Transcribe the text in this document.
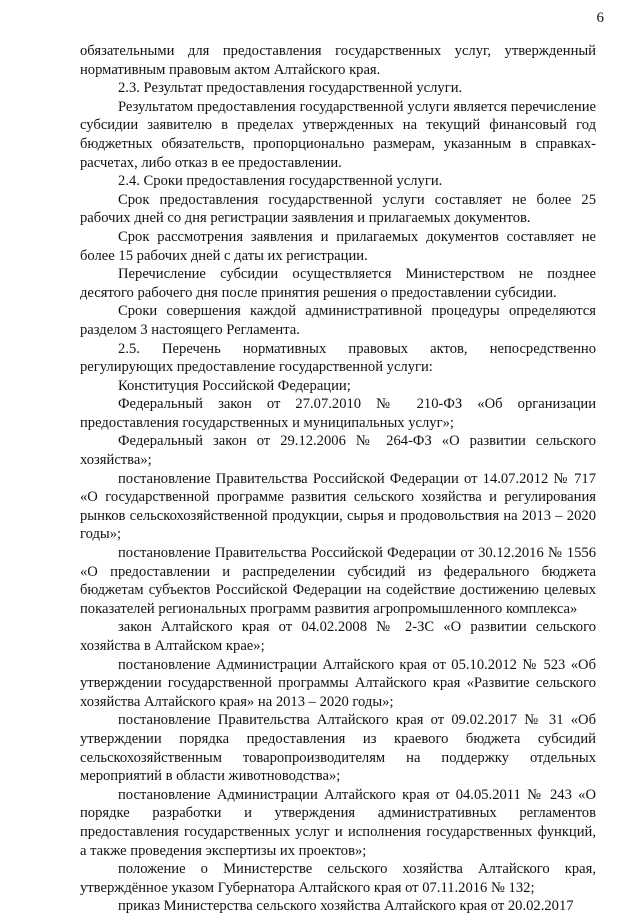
6

обязательными для предоставления государственных услуг, утвержденный нормативным правовым актом Алтайского края.

2.3. Результат предоставления государственной услуги.

Результатом предоставления государственной услуги является перечисление субсидии заявителю в пределах утвержденных на текущий финансовый год бюджетных обязательств, пропорционально размерам, указанным в справках-расчетах, либо отказ в ее предоставлении.

2.4. Сроки предоставления государственной услуги.

Срок предоставления государственной услуги составляет не более 25 рабочих дней со дня регистрации заявления и прилагаемых документов.

Срок рассмотрения заявления и прилагаемых документов составляет не более 15 рабочих дней с даты их регистрации.

Перечисление субсидии осуществляется Министерством не позднее десятого рабочего дня после принятия решения о предоставлении субсидии.

Сроки совершения каждой административной процедуры определяются разделом 3 настоящего Регламента.

2.5. Перечень нормативных правовых актов, непосредственно регулирующих предоставление государственной услуги:

Конституция Российской Федерации;

Федеральный закон от 27.07.2010 № 210-ФЗ «Об организации предоставления государственных и муниципальных услуг»;

Федеральный закон от 29.12.2006 № 264-ФЗ «О развитии сельского хозяйства»;

постановление Правительства Российской Федерации от 14.07.2012 № 717 «О государственной программе развития сельского хозяйства и регулирования рынков сельскохозяйственной продукции, сырья и продовольствия на 2013 – 2020 годы»;

постановление Правительства Российской Федерации от 30.12.2016 № 1556 «О предоставлении и распределении субсидий из федерального бюджета бюджетам субъектов Российской Федерации на содействие достижению целевых показателей региональных программ развития агропромышленного комплекса»

закон Алтайского края от 04.02.2008 № 2-ЗС «О развитии сельского хозяйства в Алтайском крае»;

постановление Администрации Алтайского края от 05.10.2012 № 523 «Об утверждении государственной программы Алтайского края «Развитие сельского хозяйства Алтайского края» на 2013 – 2020 годы»;

постановление Правительства Алтайского края от 09.02.2017 № 31 «Об утверждении порядка предоставления из краевого бюджета субсидий сельскохозяйственным товаропроизводителям на поддержку отдельных мероприятий в области животноводства»;

постановление Администрации Алтайского края от 04.05.2011 № 243 «О порядке разработки и утверждения административных регламентов предоставления государственных услуг и исполнения государственных функций, а также проведения экспертизы их проектов»;

положение о Министерстве сельского хозяйства Алтайского края, утверждённое указом Губернатора Алтайского края от 07.11.2016 № 132;

приказ Министерства сельского хозяйства Алтайского края от 20.02.2017
